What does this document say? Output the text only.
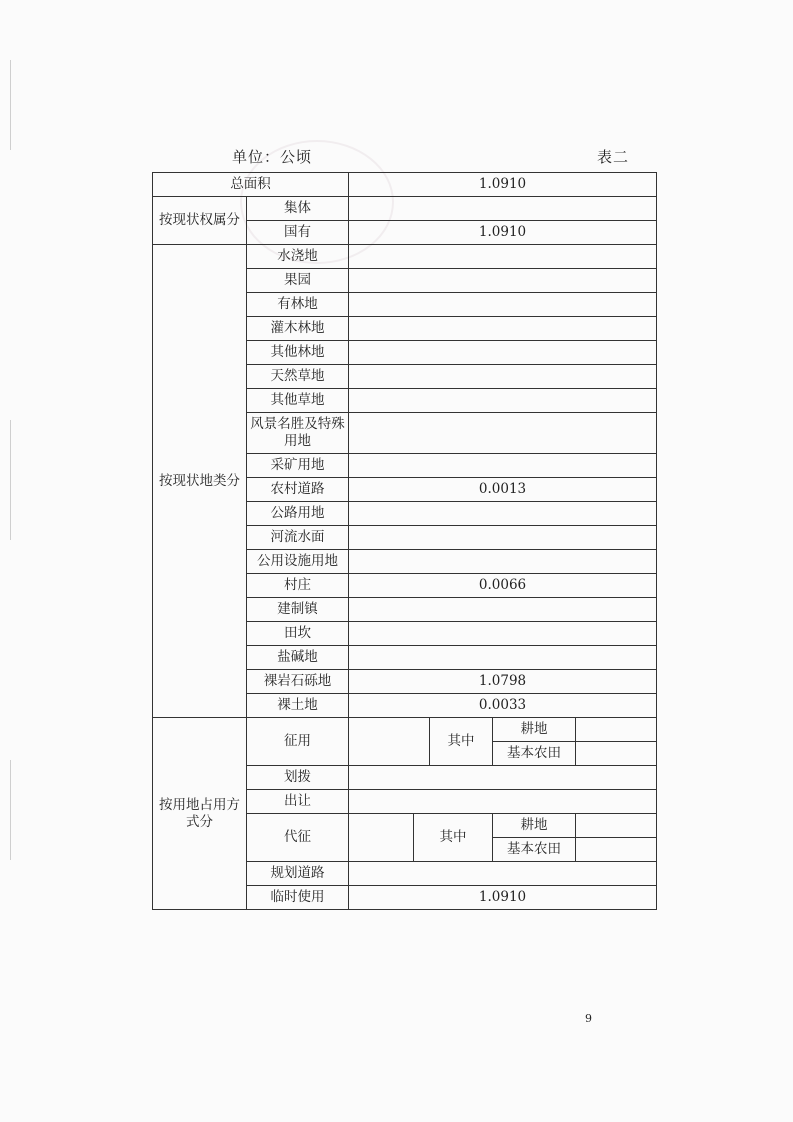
单位：公顷	表二
总面积		1.0910				
按现状权属分	集体					
	国有	1.0910				
按现状地类分	水浇地					
	果园					
	有林地					
	灌木林地					
	其他林地					
	天然草地					
	其他草地					
	风景名胜及特殊用地					
	采矿用地					
	农村道路	0.0013				
	公路用地					
	河流水面					
	公用设施用地					
	村庄	0.0066				
	建制镇					
	田坎					
	盐碱地					
	裸岩石砾地	1.0798				
	裸土地	0.0033				
按用地占用方式分	征用			其中	耕地	
					基本农田	
	划拨					
	出让					
	代征		其中		耕地	
					基本农田	
	规划道路					
	临时使用	1.0910				
9
